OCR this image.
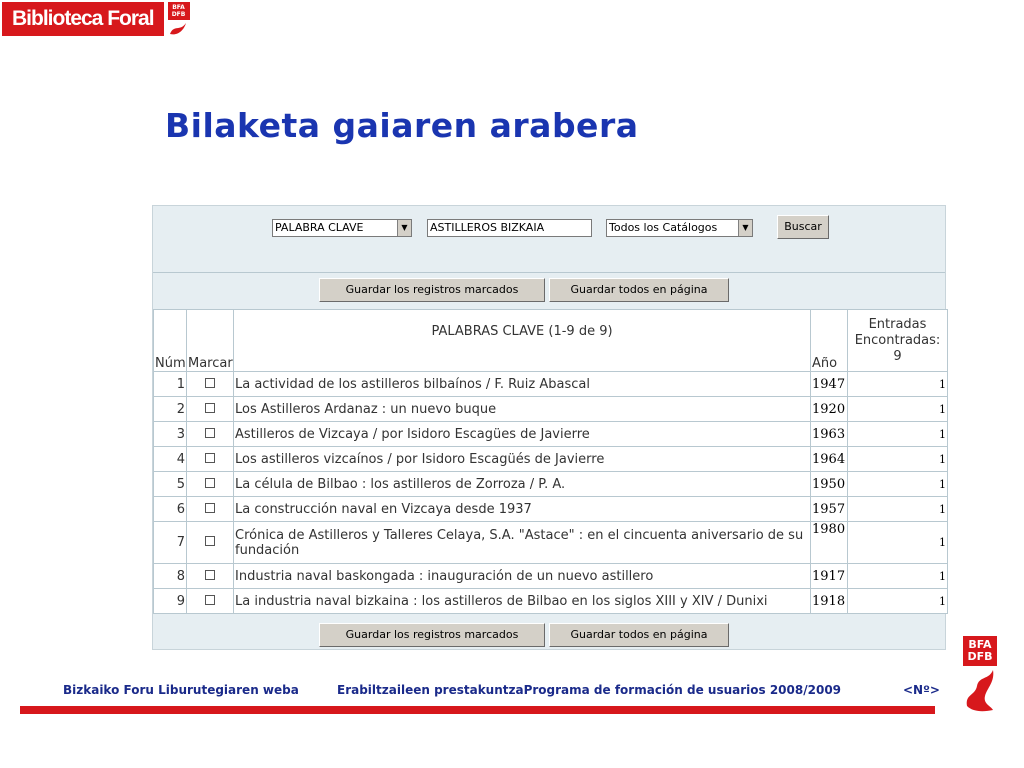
Biblioteca Foral	BFA
DFB
Bilaketa gaiaren arabera
PALABRA CLAVE	▼	ASTILLEROS BIZKAIA	Todos los Catálogos	▼	Buscar
Guardar los registros marcados	Guardar todos en página
Núm	Marcar	PALABRAS CLAVE (1-9 de 9)	Año	Entradas
Encontradas:
9
1		La actividad de los astilleros bilbaínos / F. Ruiz Abascal	1947	1
2		Los Astilleros Ardanaz : un nuevo buque	1920	1
3		Astilleros de Vizcaya / por Isidoro Escagües de Javierre	1963	1
4		Los astilleros vizcaínos / por Isidoro Escagüés de Javierre	1964	1
5		La célula de Bilbao : los astilleros de Zorroza / P. A.	1950	1
6		La construcción naval en Vizcaya desde 1937	1957	1
7		Crónica de Astilleros y Talleres Celaya, S.A. "Astace" : en el cincuenta aniversario de su fundación	1980	1
8		Industria naval baskongada : inauguración de un nuevo astillero	1917	1
9		La industria naval bizkaina : los astilleros de Bilbao en los siglos XIII y XIV / Dunixi	1918	1
Guardar los registros marcados	Guardar todos en página
Bizkaiko Foru Liburutegiaren weba	Erabiltzaileen prestakuntzaPrograma de formación de usuarios 2008/2009	<Nº>
BFA
DFB
